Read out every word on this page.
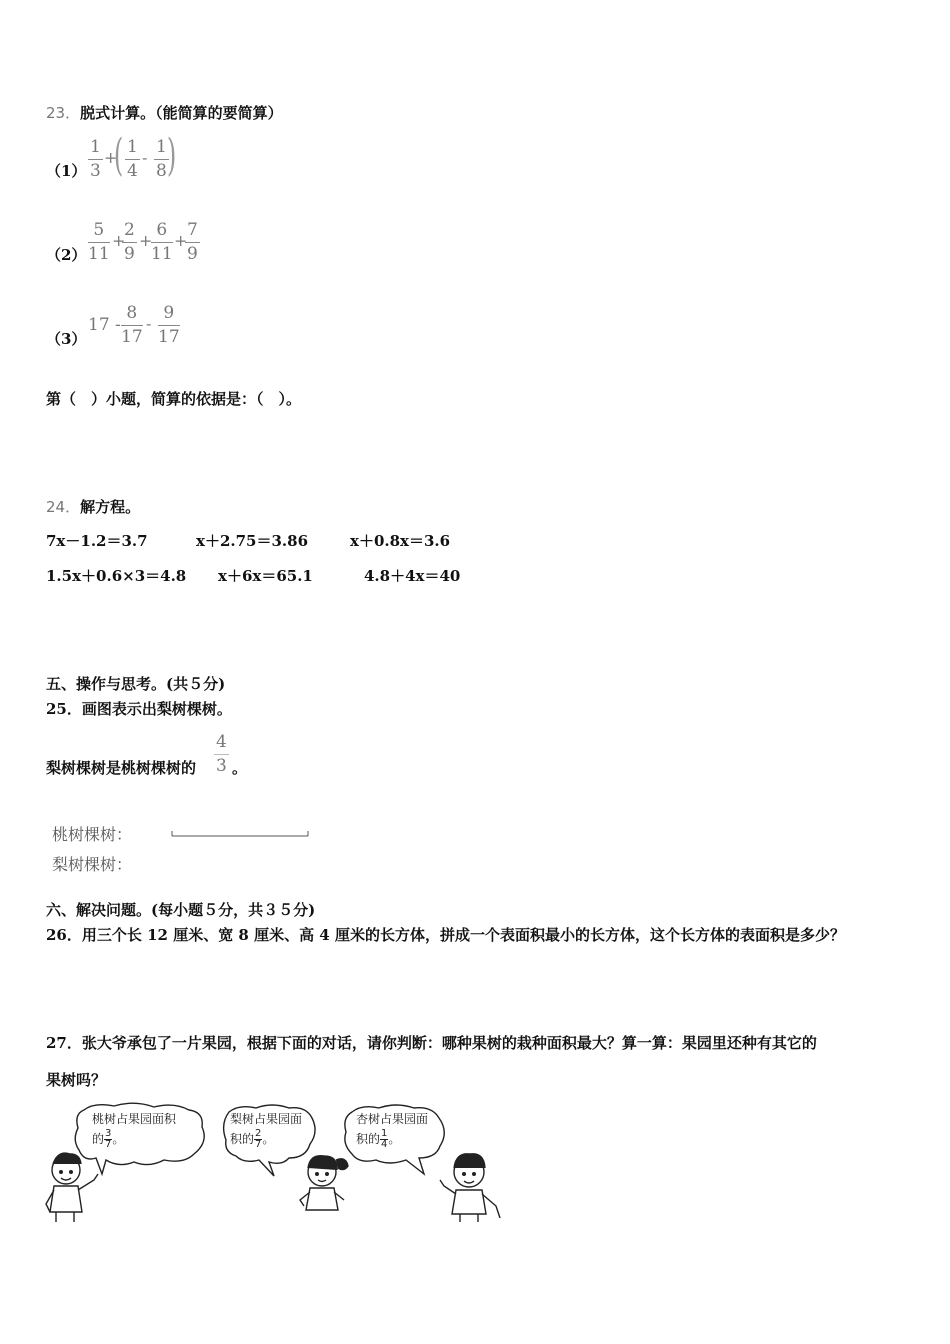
23．脱式计算。（能简算的要简算）
$(1) \frac{1}{3}$ +
( $\frac{1}{4} - \frac{1}{8}$
)
$(2) \frac{5}{11}$ +
$\frac{2}{9}$ +
$\frac{6}{11}$ +
$\frac{7}{9}$
（3）
$17 - \frac{8}{17} - \frac{9}{17}$
第（　）小题，简算的依据是：（　）。
24．解方程。
7x－1.2＝3.7	x＋2.75＝3.86	x＋0.8x＝3.6
1.5x＋0.6×3＝4.8 x＋6x＝65.1	4.8＋4x＝40
五、操作与思考。(共５分)
25．画图表示出梨树棵树。
梨树棵树是桃树棵树的 $\frac{4}{3}$ 。
桃树棵树：
梨树棵树：
六、解决问题。(每小题５分，共３５分)
26．用三个长 12 厘米、宽 8 厘米、高 4 厘米的长方体，拼成一个表面积最小的长方体，这个长方体的表面积是多少？
27．张大爷承包了一片果园，根据下面的对话，请你判断：哪种果树的栽种面积最大？算一算：果园里还种有其它的
果树吗？
桃树占果园面积
的 $\frac{3}{7}$ 。
梨树占果园面
积的 $\frac{2}{7}$ 。
杏树占果园面
积的 $\frac{1}{4}$ 。
